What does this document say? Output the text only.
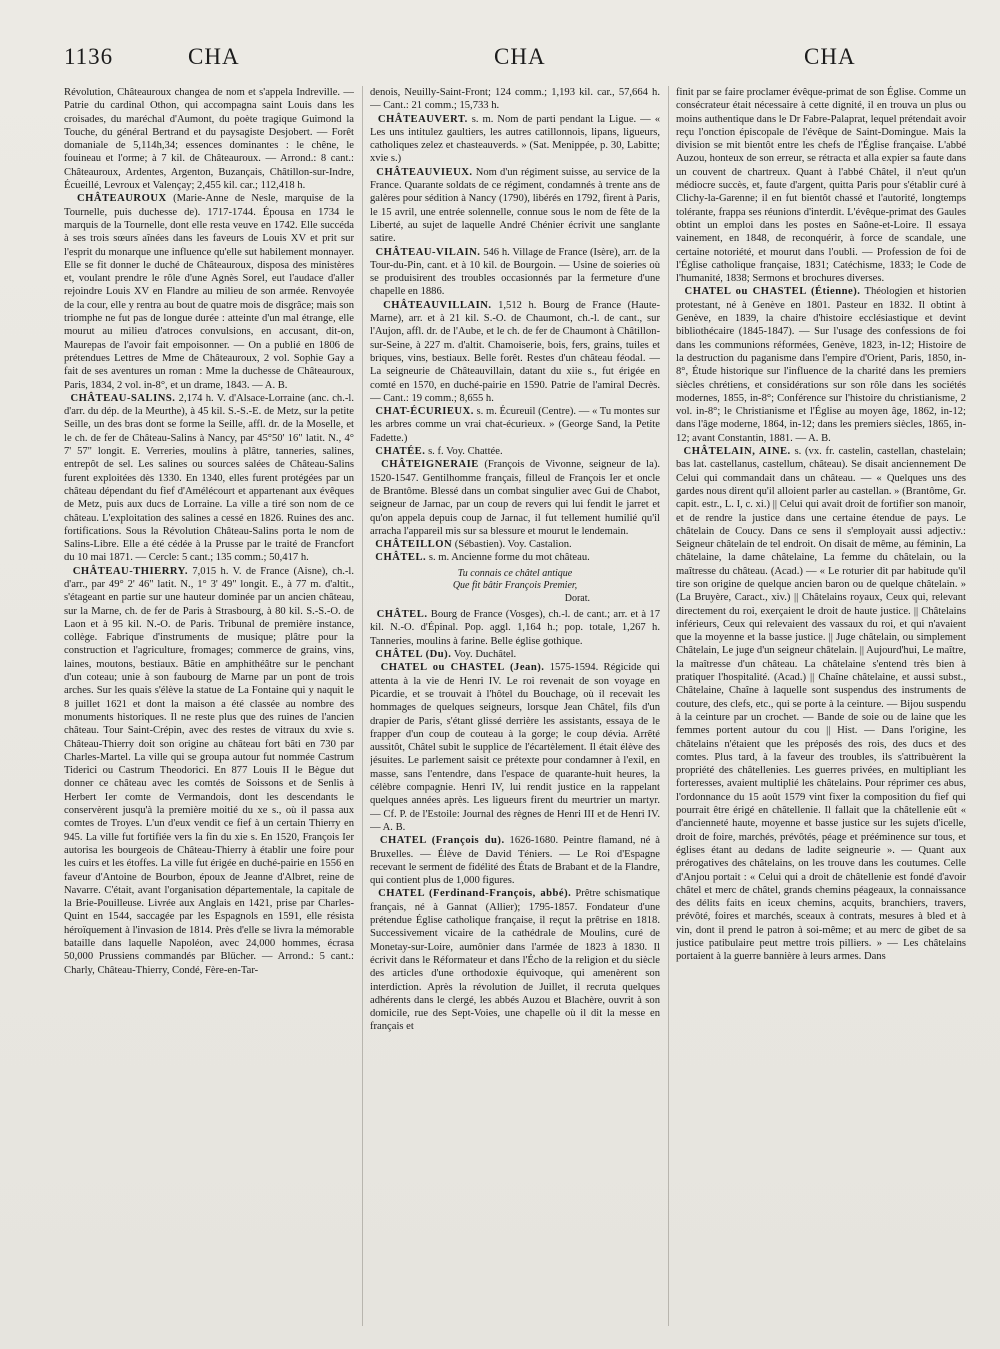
1136	CHA	CHA	CHA
Révolution, Châteauroux changea de nom et s'appela Indreville. — Patrie du cardinal Othon, qui accompagna saint Louis dans les croisades, du maréchal d'Aumont, du poète tragique Guimond la Touche, du général Bertrand et du paysagiste Desjobert. — Forêt domaniale de 5,114h,34; essences dominantes : le chêne, le fouineau et l'orme; à 7 kil. de Châteauroux. — Arrond.: 8 cant.: Châteauroux, Ardentes, Argenton, Buzançais, Châtillon-sur-Indre, Écueillé, Levroux et Valençay; 2,455 kil. car.; 112,418 h.
CHÂTEAUROUX (Marie-Anne de Nesle, marquise de la Tournelle, puis duchesse de). 1717-1744. Épousa en 1734 le marquis de la Tournelle, dont elle resta veuve en 1742. Elle succéda à ses trois sœurs aînées dans les faveurs de Louis XV et prit sur l'esprit du monarque une influence qu'elle sut habilement monnayer. Elle se fit donner le duché de Châteauroux, disposa des ministères et, voulant prendre le rôle d'une Agnès Sorel, eut l'audace d'aller rejoindre Louis XV en Flandre au milieu de son armée. Renvoyée de la cour, elle y rentra au bout de quatre mois de disgrâce; mais son triomphe ne fut pas de longue durée : atteinte d'un mal étrange, elle mourut au milieu d'atroces convulsions, en accusant, dit-on, Maurepas de l'avoir fait empoisonner. — On a publié en 1806 de prétendues Lettres de Mme de Châteauroux, 2 vol. Sophie Gay a fait de ses aventures un roman : Mme la duchesse de Châteauroux, Paris, 1834, 2 vol. in-8°, et un drame, 1843. — A. B.
CHÂTEAU-SALINS. 2,174 h. V. d'Alsace-Lorraine (anc. ch.-l. d'arr. du dép. de la Meurthe), à 45 kil. S.-S.-E. de Metz, sur la petite Seille, un des bras dont se forme la Seille, affl. dr. de la Moselle, et le ch. de fer de Château-Salins à Nancy, par 45°50' 16" latit. N., 4° 7' 57" longit. E. Verreries, moulins à plâtre, tanneries, salines, entrepôt de sel. Les salines ou sources salées de Château-Salins furent exploitées dès 1330. En 1340, elles furent protégées par un château dépendant du fief d'Amélécourt et appartenant aux évêques de Metz, puis aux ducs de Lorraine. La ville a tiré son nom de ce château. L'exploitation des salines a cessé en 1826. Ruines des anc. fortifications. Sous la Révolution Château-Salins porta le nom de Salins-Libre. Elle a été cédée à la Prusse par le traité de Francfort du 10 mai 1871. — Cercle: 5 cant.; 135 comm.; 50,417 h.
CHÂTEAU-THIERRY. 7,015 h. V. de France (Aisne), ch.-l. d'arr., par 49° 2' 46" latit. N., 1° 3' 49" longit. E., à 77 m. d'altit., s'étageant en partie sur une hauteur dominée par un ancien château, sur la Marne, ch. de fer de Paris à Strasbourg, à 80 kil. S.-S.-O. de Laon et à 95 kil. N.-O. de Paris. Tribunal de première instance, collège. Fabrique d'instruments de musique; plâtre pour la construction et l'agriculture, fromages; commerce de grains, vins, laines, moutons, bestiaux. Bâtie en amphithéâtre sur le penchant d'un coteau; unie à son faubourg de Marne par un pont de trois arches. Sur les quais s'élève la statue de La Fontaine qui y naquit le 8 juillet 1621 et dont la maison a été classée au nombre des monuments historiques. Il ne reste plus que des ruines de l'ancien château. Tour Saint-Crépin, avec des restes de vitraux du xvie s. Château-Thierry doit son origine au château fort bâti en 730 par Charles-Martel. La ville qui se groupa autour fut nommée Castrum Tiderici ou Castrum Theodorici. En 877 Louis II le Bègue dut donner ce château avec les comtés de Soissons et de Senlis à Herbert Ier comte de Vermandois, dont les descendants le conservèrent jusqu'à la première moitié du xe s., où il passa aux comtes de Troyes. L'un d'eux vendit ce fief à un certain Thierry en 945. La ville fut fortifiée vers la fin du xie s. En 1520, François Ier autorisa les bourgeois de Château-Thierry à établir une foire pour les cuirs et les étoffes. La ville fut érigée en duché-pairie en 1556 en faveur d'Antoine de Bourbon, époux de Jeanne d'Albret, reine de Navarre. C'était, avant l'organisation départementale, la capitale de la Brie-Pouilleuse. Livrée aux Anglais en 1421, prise par Charles-Quint en 1544, saccagée par les Espagnols en 1591, elle résista héroïquement à l'invasion de 1814. Près d'elle se livra la mémorable bataille dans laquelle Napoléon, avec 24,000 hommes, écrasa 50,000 Prussiens commandés par Blücher. — Arrond.: 5 cant.: Charly, Château-Thierry, Condé, Fère-en-Tar-
denois, Neuilly-Saint-Front; 124 comm.; 1,193 kil. car., 57,664 h. — Cant.: 21 comm.; 15,733 h.
CHÂTEAUVERT. s. m. Nom de parti pendant la Ligue. — « Les uns intitulez gaultiers, les autres catillonnois, lipans, ligueurs, catholiques zelez et chasteauverds. » (Sat. Menippée, p. 30, Labitte; xvie s.)
CHÂTEAUVIEUX. Nom d'un régiment suisse, au service de la France. Quarante soldats de ce régiment, condamnés à trente ans de galères pour sédition à Nancy (1790), libérés en 1792, firent à Paris, le 15 avril, une entrée solennelle, connue sous le nom de fête de la Liberté, au sujet de laquelle André Chénier écrivit une sanglante satire.
CHÂTEAU-VILAIN. 546 h. Village de France (Isère), arr. de la Tour-du-Pin, cant. et à 10 kil. de Bourgoin. — Usine de soieries où se produisirent des troubles occasionnés par la fermeture d'une chapelle en 1886.
CHÂTEAUVILLAIN. 1,512 h. Bourg de France (Haute-Marne), arr. et à 21 kil. S.-O. de Chaumont, ch.-l. de cant., sur l'Aujon, affl. dr. de l'Aube, et le ch. de fer de Chaumont à Châtillon-sur-Seine, à 227 m. d'altit. Chamoiserie, bois, fers, grains, tuiles et briques, vins, bestiaux. Belle forêt. Restes d'un château féodal. — La seigneurie de Châteauvillain, datant du xiie s., fut érigée en comté en 1570, en duché-pairie en 1590. Patrie de l'amiral Decrès. — Cant.: 19 comm.; 8,655 h.
CHAT-ÉCURIEUX. s. m. Écureuil (Centre). — « Tu montes sur les arbres comme un vrai chat-écurieux. » (George Sand, la Petite Fadette.)
CHATÉE. s. f. Voy. Chattée.
CHÂTEIGNERAIE (François de Vivonne, seigneur de la). 1520-1547. Gentilhomme français, filleul de François Ier et oncle de Brantôme. Blessé dans un combat singulier avec Gui de Chabot, seigneur de Jarnac, par un coup de revers qui lui fendit le jarret et qu'on appela depuis coup de Jarnac, il fut tellement humilié qu'il arracha l'appareil mis sur sa blessure et mourut le lendemain.
CHÂTEILLON (Sébastien). Voy. Castalion.
CHÂTEL. s. m. Ancienne forme du mot château.
Tu connais ce châtel antique
Que fit bâtir François Premier,
Dorat.
CHÂTEL. Bourg de France (Vosges), ch.-l. de cant.; arr. et à 17 kil. N.-O. d'Épinal. Pop. aggl. 1,164 h.; pop. totale, 1,267 h. Tanneries, moulins à farine. Belle église gothique.
CHÂTEL (Du). Voy. Duchâtel.
CHATEL ou CHASTEL (Jean). 1575-1594. Régicide qui attenta à la vie de Henri IV. Le roi revenait de son voyage en Picardie, et se trouvait à l'hôtel du Bouchage, où il recevait les hommages de quelques seigneurs, lorsque Jean Châtel, fils d'un drapier de Paris, s'étant glissé derrière les assistants, essaya de le frapper d'un coup de couteau à la gorge; le coup dévia. Arrêté aussitôt, Châtel subit le supplice de l'écartèlement. Il était élève des jésuites. Le parlement saisit ce prétexte pour condamner à l'exil, en masse, sans l'entendre, dans l'espace de quarante-huit heures, la célèbre compagnie. Henri IV, lui rendit justice en la rappelant quelques années après. Les ligueurs firent du meurtrier un martyr. — Cf. P. de l'Estoile: Journal des règnes de Henri III et de Henri IV. — A. B.
CHATEL (François du). 1626-1680. Peintre flamand, né à Bruxelles. — Élève de David Téniers. — Le Roi d'Espagne recevant le serment de fidélité des États de Brabant et de la Flandre, qui contient plus de 1,000 figures.
CHATEL (Ferdinand-François, abbé). Prêtre schismatique français, né à Gannat (Allier); 1795-1857. Fondateur d'une prétendue Église catholique française, il reçut la prêtrise en 1818. Successivement vicaire de la cathédrale de Moulins, curé de Monetay-sur-Loire, aumônier dans l'armée de 1823 à 1830. Il écrivit dans le Réformateur et dans l'Écho de la religion et du siècle des articles d'une orthodoxie équivoque, qui amenèrent son interdiction. Après la révolution de Juillet, il recruta quelques adhérents dans le clergé, les abbés Auzou et Blachère, ouvrit à son domicile, rue des Sept-Voies, une chapelle où il dit la messe en français et
finit par se faire proclamer évêque-primat de son Église. Comme un consécrateur était nécessaire à cette dignité, il en trouva un plus ou moins authentique dans le Dr Fabre-Palaprat, lequel prétendait avoir reçu l'onction épiscopale de l'évêque de Saint-Domingue. Mais la division se mit bientôt entre les chefs de l'Église française. L'abbé Auzou, honteux de son erreur, se rétracta et alla expier sa faute dans un couvent de chartreux. Quant à l'abbé Châtel, il n'eut qu'un médiocre succès, et, faute d'argent, quitta Paris pour s'établir curé à Clichy-la-Garenne; il en fut bientôt chassé et l'autorité, longtemps tolérante, frappa ses réunions d'interdit. L'évêque-primat des Gaules obtint un emploi dans les postes en Saône-et-Loire. Il essaya vainement, en 1848, de reconquérir, à force de scandale, une certaine notoriété, et mourut dans l'oubli. — Profession de foi de l'Église catholique française, 1831; Catéchisme, 1833; le Code de l'humanité, 1838; Sermons et brochures diverses.
CHATEL ou CHASTEL (Étienne). Théologien et historien protestant, né à Genève en 1801. Pasteur en 1832. Il obtint à Genève, en 1839, la chaire d'histoire ecclésiastique et devint bibliothécaire (1845-1847). — Sur l'usage des confessions de foi dans les communions réformées, Genève, 1823, in-12; Histoire de la destruction du paganisme dans l'empire d'Orient, Paris, 1850, in-8°, Étude historique sur l'influence de la charité dans les premiers siècles chrétiens, et considérations sur son rôle dans les sociétés modernes, 1855, in-8°; Conférence sur l'histoire du christianisme, 2 vol. in-8°; le Christianisme et l'Église au moyen âge, 1862, in-12; dans l'âge moderne, 1864, in-12; dans les premiers siècles, 1865, in-12; avant Constantin, 1881. — A. B.
CHÂTELAIN, AINE. s. (vx. fr. castelin, castellan, chastelain; bas lat. castellanus, castellum, château). Se disait anciennement De Celui qui commandait dans un château. — « Quelques uns des gardes nous dirent qu'il alloient parler au castellan. » (Brantôme, Gr. capit. estr., L. I, c. xi.) || Celui qui avait droit de fortifier son manoir, et de rendre la justice dans une certaine étendue de pays. Le châtelain de Coucy. Dans ce sens il s'employait aussi adjectiv.: Seigneur châtelain de tel endroit. On disait de même, au féminin, La châtelaine, la dame châtelaine, La femme du châtelain, ou la maîtresse du château. (Acad.) — « Le roturier dit par habitude qu'il tire son origine de quelque ancien baron ou de quelque châtelain. » (La Bruyère, Caract., xiv.) || Châtelains royaux, Ceux qui, relevant directement du roi, exerçaient le droit de haute justice. || Châtelains inférieurs, Ceux qui relevaient des vassaux du roi, et qui n'avaient que la moyenne et la basse justice. || Juge châtelain, ou simplement Châtelain, Le juge d'un seigneur châtelain. || Aujourd'hui, Le maître, la maîtresse d'un château. La châtelaine s'entend très bien à pratiquer l'hospitalité. (Acad.) || Chaîne châtelaine, et aussi subst., Châtelaine, Chaîne à laquelle sont suspendus des instruments de couture, des clefs, etc., qui se porte à la ceinture. — Bijou suspendu à la ceinture par un crochet. — Bande de soie ou de laine que les femmes portent autour du cou || Hist. — Dans l'origine, les châtelains n'étaient que les préposés des rois, des ducs et des comtes. Plus tard, à la faveur des troubles, ils s'attribuèrent la propriété des châtellenies. Les guerres privées, en multipliant les forteresses, avaient multiplié les châtelains. Pour réprimer ces abus, l'ordonnance du 15 août 1579 vint fixer la composition du fief qui pourrait être érigé en châtellenie. Il fallait que la châtellenie eût « d'ancienneté haute, moyenne et basse justice sur les sujets d'icelle, droit de foire, marchés, prévôtés, péage et prééminence sur tous, et églises étant au dedans de ladite seigneurie ». — Quant aux prérogatives des châtelains, on les trouve dans les coutumes. Celle d'Anjou portait : « Celui qui a droit de châtellenie est fondé d'avoir châtel et merc de châtel, grands chemins péageaux, la connaissance des délits faits en iceux chemins, acquits, branchiers, travers, prévôté, foires et marchés, sceaux à contrats, mesures à bled et à vin, dont il prend le patron à soi-même; et au merc de gibet de sa justice patibulaire peut mettre trois pilliers. » — Les châtelains portaient à la guerre bannière à leurs armes. Dans
